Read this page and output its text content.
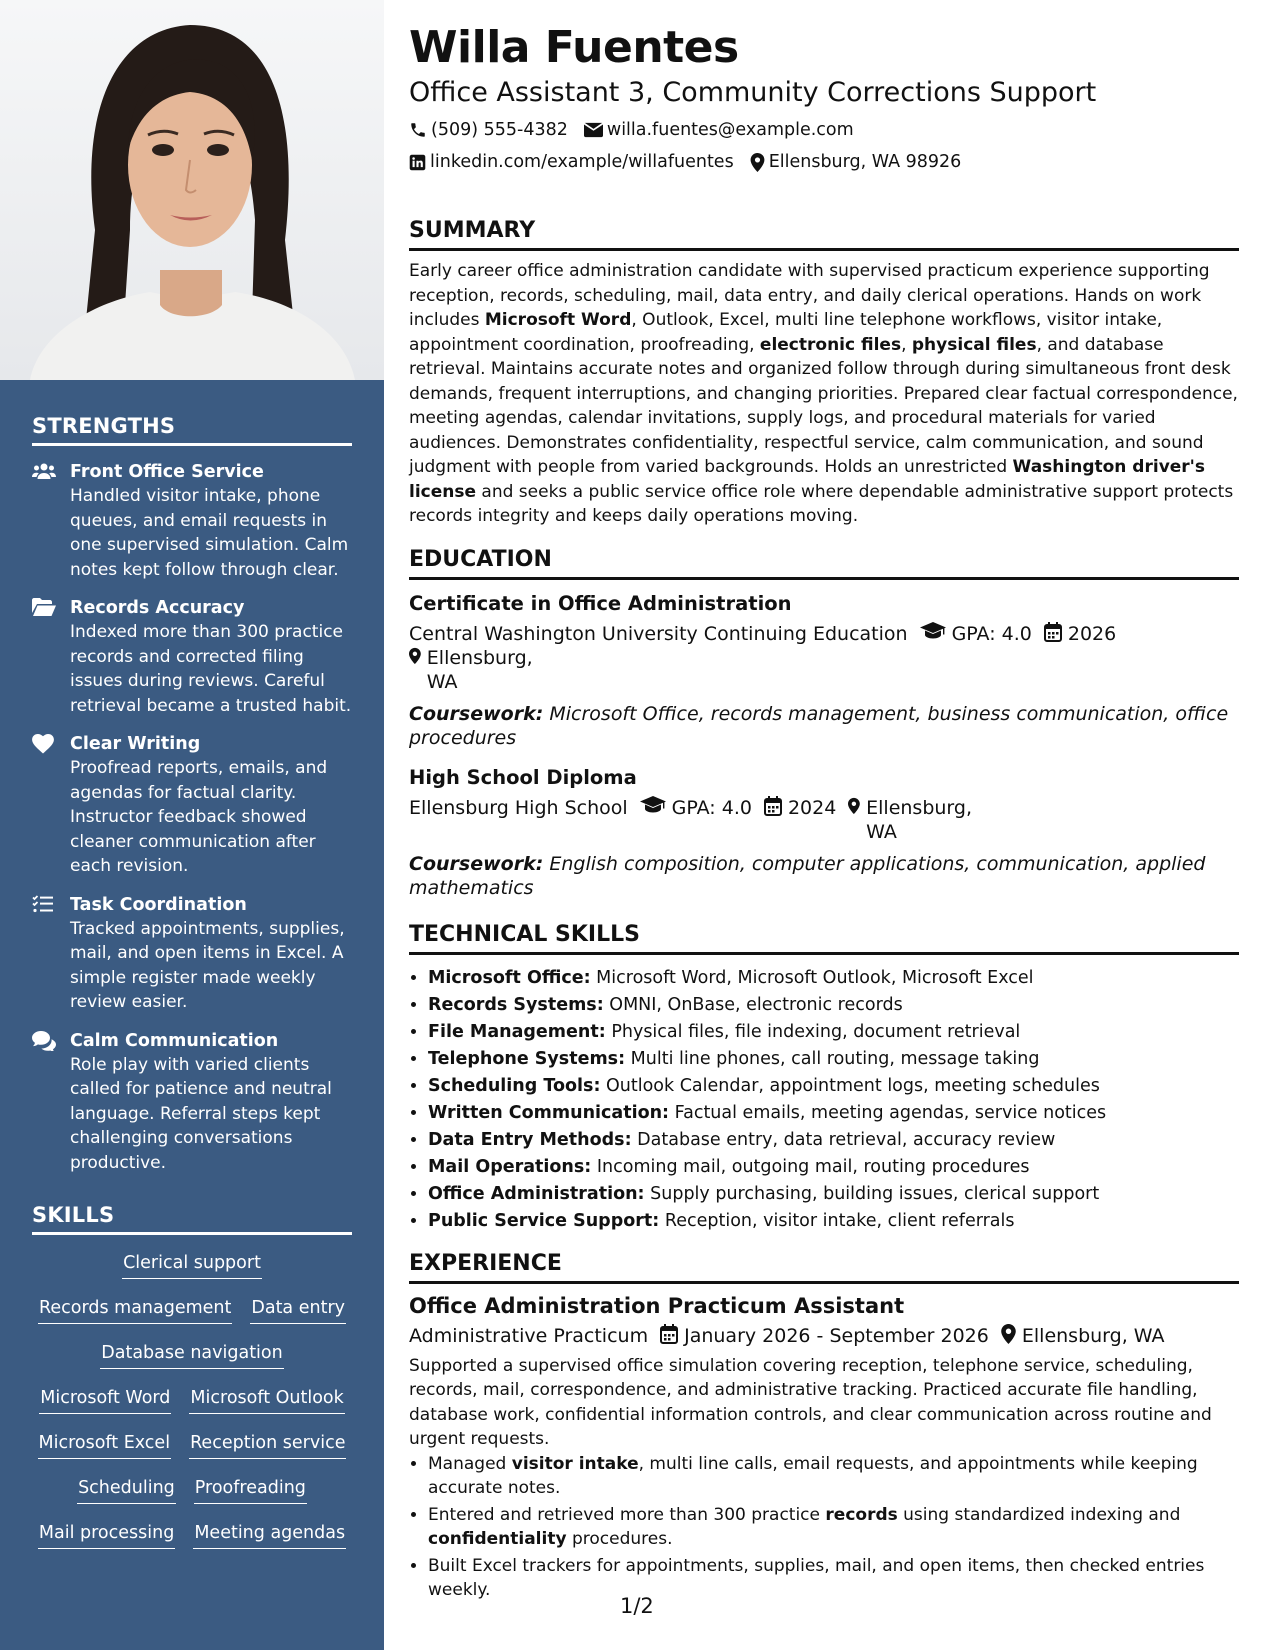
STRENGTHS
Front Office Service
Handled visitor intake, phone queues, and email requests in one supervised simulation. Calm notes kept follow through clear.
Records Accuracy
Indexed more than 300 practice records and corrected filing issues during reviews. Careful retrieval became a trusted habit.
Clear Writing
Proofread reports, emails, and agendas for factual clarity. Instructor feedback showed cleaner communication after each revision.
Task Coordination
Tracked appointments, supplies, mail, and open items in Excel. A simple register made weekly review easier.
Calm Communication
Role play with varied clients called for patience and neutral language. Referral steps kept challenging conversations productive.
SKILLS
Clerical support
Records management Data entry
Database navigation
Microsoft Word Microsoft Outlook
Microsoft Excel Reception service
Scheduling Proofreading
Mail processing Meeting agendas
Willa Fuentes
Office Assistant 3, Community Corrections Support
(509) 555-4382 willa.fuentes@example.com
linkedin.com/example/willafuentes Ellensburg, WA 98926
SUMMARY
Early career office administration candidate with supervised practicum experience supporting reception, records, scheduling, mail, data entry, and daily clerical operations. Hands on work includes Microsoft Word, Outlook, Excel, multi line telephone workflows, visitor intake, appointment coordination, proofreading, electronic files, physical files, and database retrieval. Maintains accurate notes and organized follow through during simultaneous front desk demands, frequent interruptions, and changing priorities. Prepared clear factual correspondence, meeting agendas, calendar invitations, supply logs, and procedural materials for varied audiences. Demonstrates confidentiality, respectful service, calm communication, and sound judgment with people from varied backgrounds. Holds an unrestricted Washington driver's license and seeks a public service office role where dependable administrative support protects records integrity and keeps daily operations moving.
EDUCATION
Certificate in Office Administration
Central Washington University Continuing Education GPA: 4.0 2026
Ellensburg, WA
Coursework: Microsoft Office, records management, business communication, office procedures
High School Diploma
Ellensburg High School GPA: 4.0 2024 Ellensburg, WA
Coursework: English composition, computer applications, communication, applied mathematics
TECHNICAL SKILLS
• Microsoft Office: Microsoft Word, Microsoft Outlook, Microsoft Excel
• Records Systems: OMNI, OnBase, electronic records
• File Management: Physical files, file indexing, document retrieval
• Telephone Systems: Multi line phones, call routing, message taking
• Scheduling Tools: Outlook Calendar, appointment logs, meeting schedules
• Written Communication: Factual emails, meeting agendas, service notices
• Data Entry Methods: Database entry, data retrieval, accuracy review
• Mail Operations: Incoming mail, outgoing mail, routing procedures
• Office Administration: Supply purchasing, building issues, clerical support
• Public Service Support: Reception, visitor intake, client referrals
EXPERIENCE
Office Administration Practicum Assistant
Administrative Practicum January 2026 - September 2026 Ellensburg, WA
Supported a supervised office simulation covering reception, telephone service, scheduling, records, mail, correspondence, and administrative tracking. Practiced accurate file handling, database work, confidential information controls, and clear communication across routine and urgent requests.
• Managed visitor intake, multi line calls, email requests, and appointments while keeping accurate notes.
• Entered and retrieved more than 300 practice records using standardized indexing and confidentiality procedures.
• Built Excel trackers for appointments, supplies, mail, and open items, then checked entries weekly.
1/2
